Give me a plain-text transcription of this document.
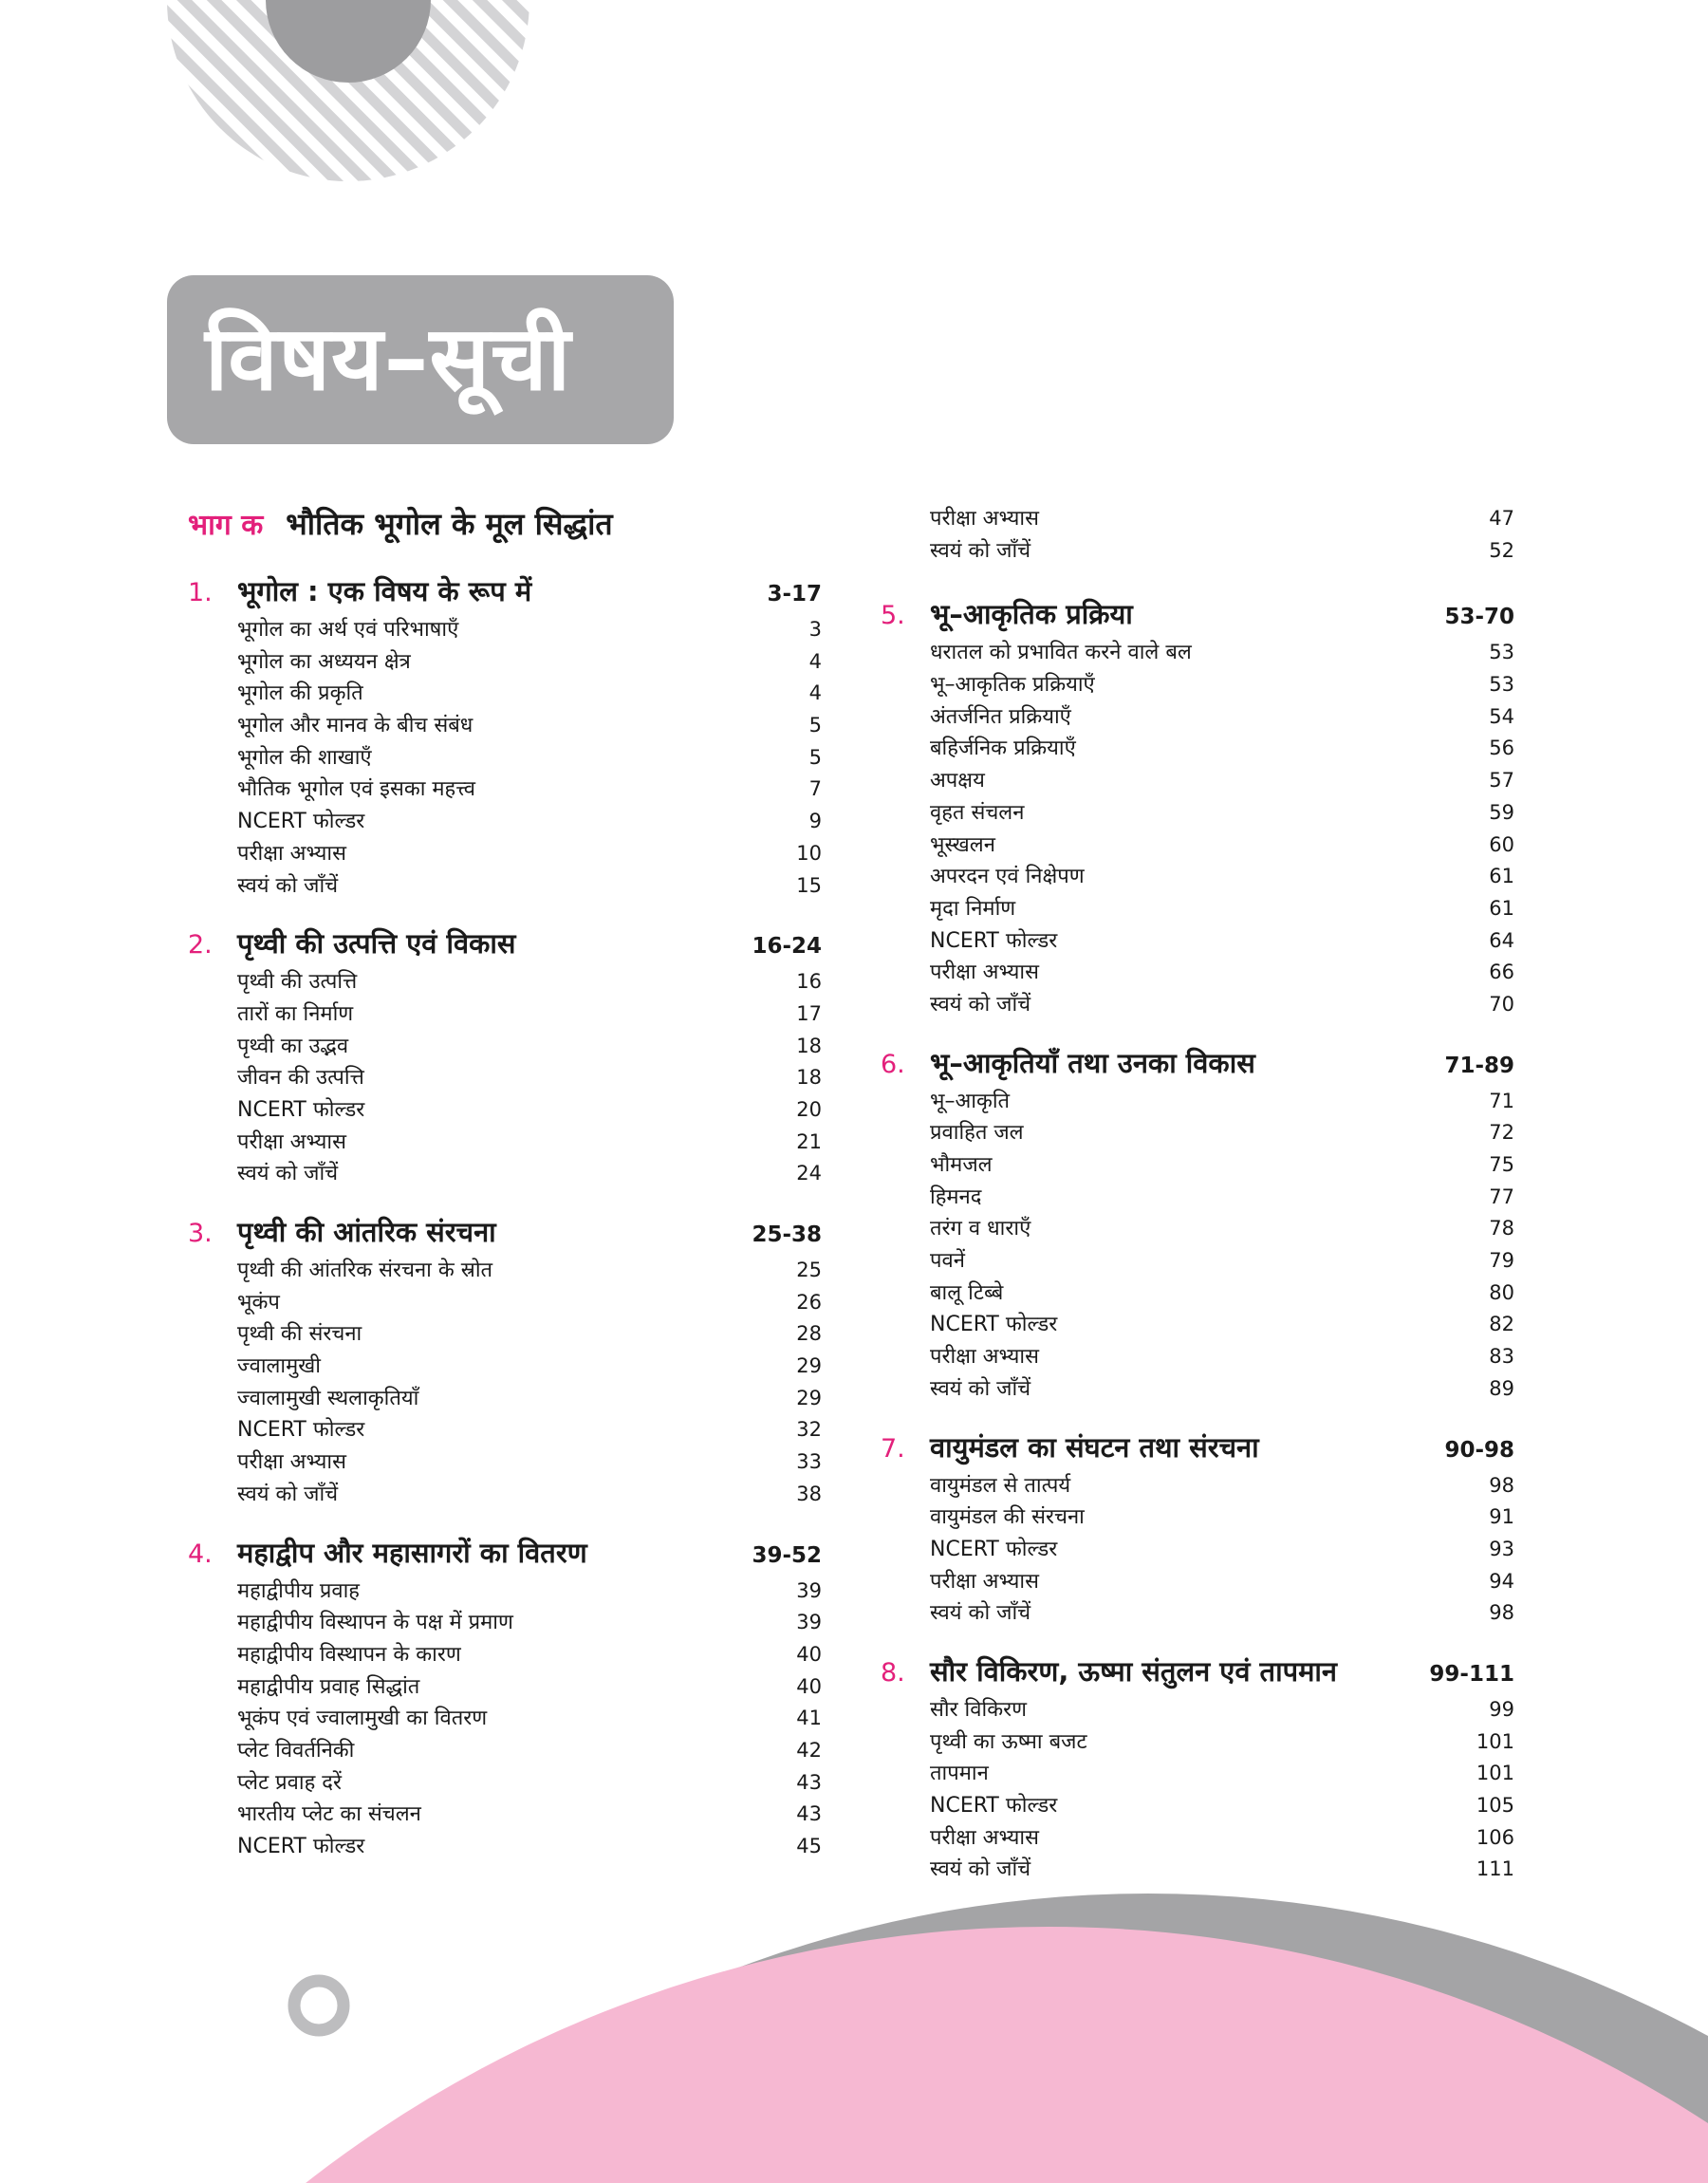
विषय–सूची
भाग क भौतिक भूगोल के मूल सिद्धांत
1. भूगोल : एक विषय के रूप में	3-17
भूगोल का अर्थ एवं परिभाषाएँ	3
भूगोल का अध्ययन क्षेत्र	4
भूगोल की प्रकृति	4
भूगोल और मानव के बीच संबंध	5
भूगोल की शाखाएँ	5
भौतिक भूगोल एवं इसका महत्त्व	7
NCERT फोल्डर	9
परीक्षा अभ्यास	10
स्वयं को जाँचें	15
2. पृथ्वी की उत्पत्ति एवं विकास	16-24
पृथ्वी की उत्पत्ति	16
तारों का निर्माण	17
पृथ्वी का उद्भव	18
जीवन की उत्पत्ति	18
NCERT फोल्डर	20
परीक्षा अभ्यास	21
स्वयं को जाँचें	24
3. पृथ्वी की आंतरिक संरचना	25-38
पृथ्वी की आंतरिक संरचना के स्रोत	25
भूकंप	26
पृथ्वी की संरचना	28
ज्वालामुखी	29
ज्वालामुखी स्थलाकृतियाँ	29
NCERT फोल्डर	32
परीक्षा अभ्यास	33
स्वयं को जाँचें	38
4. महाद्वीप और महासागरों का वितरण	39-52
महाद्वीपीय प्रवाह	39
महाद्वीपीय विस्थापन के पक्ष में प्रमाण	39
महाद्वीपीय विस्थापन के कारण	40
महाद्वीपीय प्रवाह सिद्धांत	40
भूकंप एवं ज्वालामुखी का वितरण	41
प्लेट विवर्तनिकी	42
प्लेट प्रवाह दरें	43
भारतीय प्लेट का संचलन	43
NCERT फोल्डर	45
परीक्षा अभ्यास	47
स्वयं को जाँचें	52
5. भू–आकृतिक प्रक्रिया	53-70
धरातल को प्रभावित करने वाले बल	53
भू–आकृतिक प्रक्रियाएँ	53
अंतर्जनित प्रक्रियाएँ	54
बहिर्जनिक प्रक्रियाएँ	56
अपक्षय	57
वृहत संचलन	59
भूस्खलन	60
अपरदन एवं निक्षेपण	61
मृदा निर्माण	61
NCERT फोल्डर	64
परीक्षा अभ्यास	66
स्वयं को जाँचें	70
6. भू–आकृतियाँ तथा उनका विकास	71-89
भू–आकृति	71
प्रवाहित जल	72
भौमजल	75
हिमनद	77
तरंग व धाराएँ	78
पवनें	79
बालू टिब्बे	80
NCERT फोल्डर	82
परीक्षा अभ्यास	83
स्वयं को जाँचें	89
7. वायुमंडल का संघटन तथा संरचना	90-98
वायुमंडल से तात्पर्य	98
वायुमंडल की संरचना	91
NCERT फोल्डर	93
परीक्षा अभ्यास	94
स्वयं को जाँचें	98
8. सौर विकिरण, ऊष्मा संतुलन एवं तापमान	99-111
सौर विकिरण	99
पृथ्वी का ऊष्मा बजट	101
तापमान	101
NCERT फोल्डर	105
परीक्षा अभ्यास	106
स्वयं को जाँचें	111
